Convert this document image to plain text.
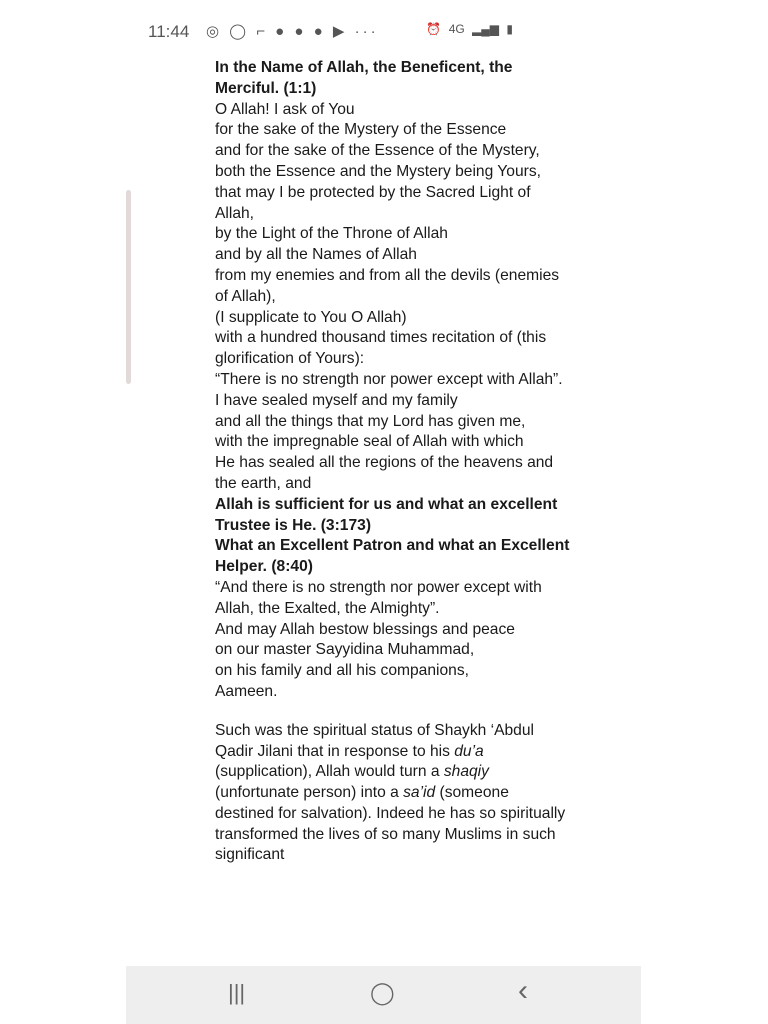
11:44 ◎ ◯ ⌐ ● ● ● ▶ ···	⏰ 4G ▂▄▆ ▮

In the Name of Allah, the Beneficent, the Merciful. (1:1)

O Allah! I ask of You

for the sake of the Mystery of the Essence

and for the sake of the Essence of the Mystery,

both the Essence and the Mystery being Yours,

that may I be protected by the Sacred Light of Allah,

by the Light of the Throne of Allah

and by all the Names of Allah

from my enemies and from all the devils (enemies of Allah),

(I supplicate to You O Allah)

with a hundred thousand times recitation of (this glorification of Yours):

“There is no strength nor power except with Allah”.

I have sealed myself and my family

and all the things that my Lord has given me,

with the impregnable seal of Allah with which

He has sealed all the regions of the heavens and the earth, and

Allah is sufficient for us and what an excellent Trustee is He. (3:173)

What an Excellent Patron and what an Excellent Helper. (8:40)

“And there is no strength nor power except with Allah, the Exalted, the Almighty”.

And may Allah bestow blessings and peace

on our master Sayyidina Muhammad,

on his family and all his companions,

Aameen.

Such was the spiritual status of Shaykh ‘Abdul Qadir Jilani that in response to his du’a (supplication), Allah would turn a shaqiy (unfortunate person) into a sa’id (someone destined for salvation). Indeed he has so spiritually transformed the lives of so many Muslims in such significant

|||	◯	‹
